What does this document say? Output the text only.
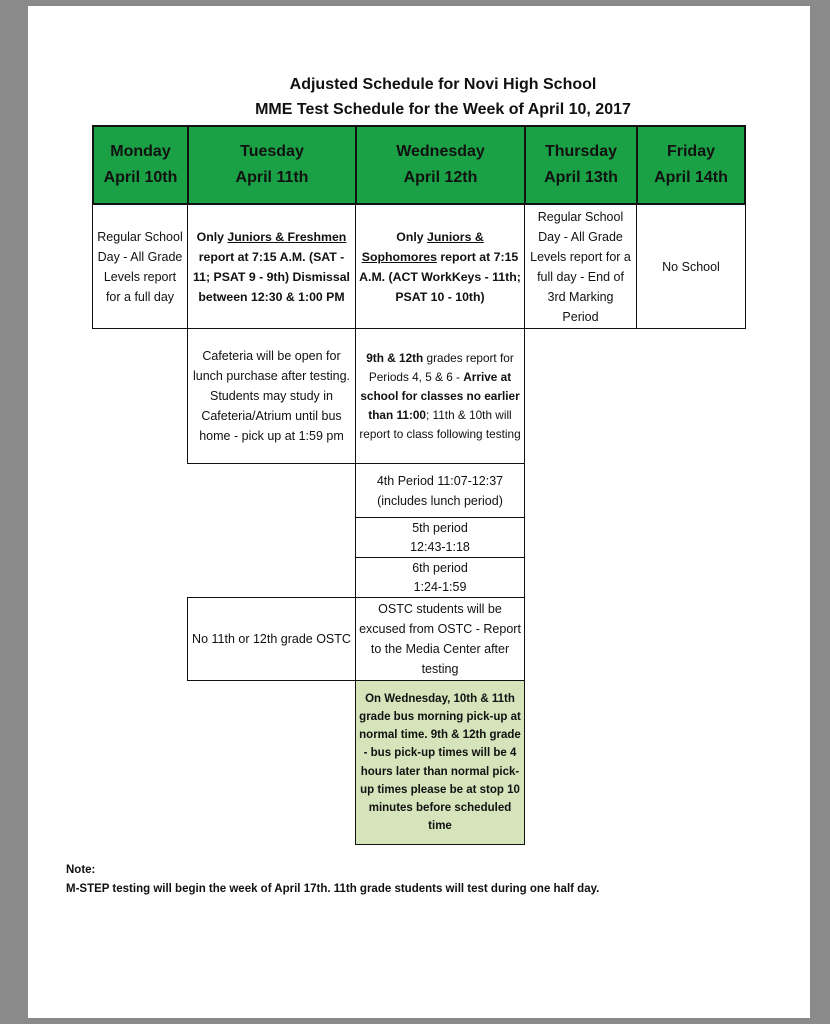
Adjusted Schedule for Novi High School
MME Test Schedule for the Week of April 10, 2017
Monday
April 10th
Tuesday
April 11th
Wednesday
April 12th
Thursday
April 13th
Friday
April 14th
Regular School Day - All Grade Levels report for a full day
Only Juniors & Freshmen report at 7:15 A.M. (SAT - 11; PSAT 9 - 9th) Dismissal between 12:30 & 1:00 PM
Only Juniors &
Sophomores report at 7:15 A.M. (ACT WorkKeys - 11th; PSAT 10 - 10th)
Regular School Day - All Grade Levels report for a full day - End of 3rd Marking Period
No School
Cafeteria will be open for lunch purchase after testing. Students may study in Cafeteria/Atrium until bus home - pick up at 1:59 pm
9th & 12th grades report for Periods 4, 5 & 6 - Arrive at school for classes no earlier than 11:00; 11th & 10th will report to class following testing
4th Period 11:07-12:37 (includes lunch period)
5th period
12:43-1:18
6th period
1:24-1:59
No 11th or 12th grade OSTC
OSTC students will be excused from OSTC - Report to the Media Center after testing
On Wednesday, 10th & 11th grade bus morning pick-up at normal time. 9th & 12th grade - bus pick-up times will be 4 hours later than normal pick-up times please be at stop 10 minutes before scheduled time
Note:
M-STEP testing will begin the week of April 17th. 11th grade students will test during one half day.
